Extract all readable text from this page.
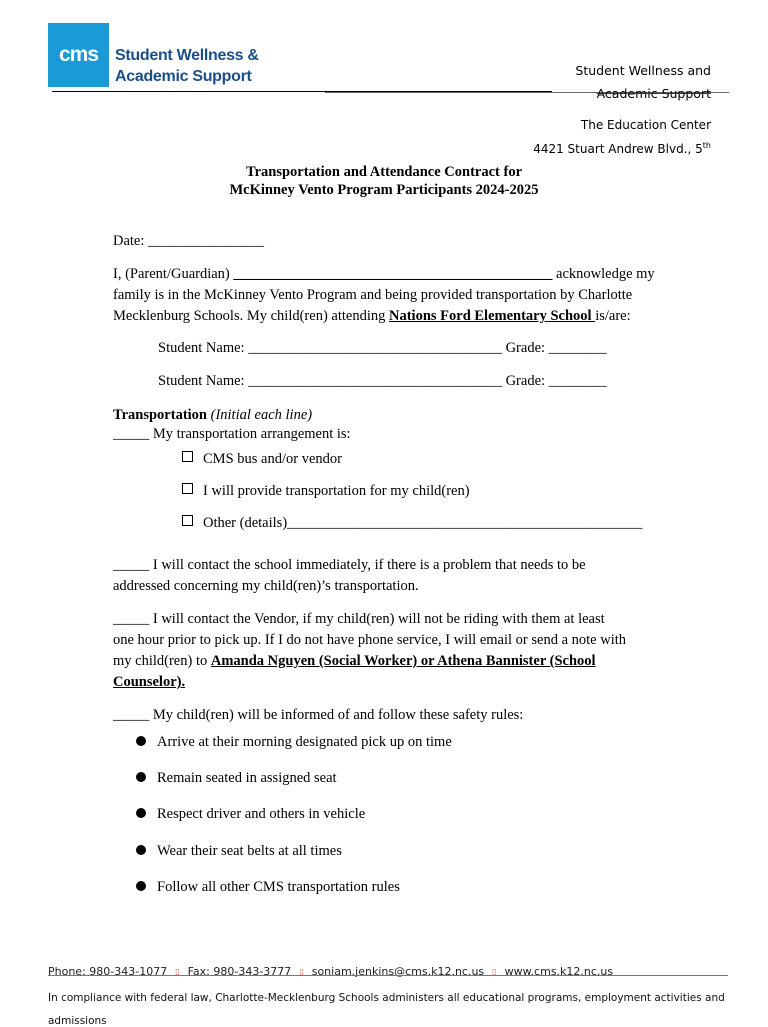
cms	Student Wellness &
Academic Support	Student Wellness and
Academic Support
The Education Center
4421 Stuart Andrew Blvd., 5th
Transportation and Attendance Contract for
McKinney Vento Program Participants 2024-2025
Date: ________________
I, (Parent/Guardian) ____________________________________________ acknowledge my
family is in the McKinney Vento Program and being provided transportation by Charlotte
Mecklenburg Schools. My child(ren) attending Nations Ford Elementary School is/are:
Student Name: ___________________________________ Grade: ________
Student Name: ___________________________________ Grade: ________
Transportation (Initial each line)
_____ My transportation arrangement is:
CMS bus and/or vendor
I will provide transportation for my child(ren)
Other (details)_________________________________________________
_____ I will contact the school immediately, if there is a problem that needs to be
addressed concerning my child(ren)’s transportation.
_____ I will contact the Vendor, if my child(ren) will not be riding with them at least
one hour prior to pick up. If I do not have phone service, I will email or send a note with
my child(ren) to Amanda Nguyen (Social Worker) or Athena Bannister (School
Counselor).
_____ My child(ren) will be informed of and follow these safety rules:
Arrive at their morning designated pick up on time
Remain seated in assigned seat
Respect driver and others in vehicle
Wear their seat belts at all times
Follow all other CMS transportation rules
Phone: 980-343-1077 ▯ Fax: 980-343-3777 ▯ soniam.jenkins@cms.k12.nc.us ▯ www.cms.k12.nc.us
In compliance with federal law, Charlotte-Mecklenburg Schools administers all educational programs, employment activities and
admissions
